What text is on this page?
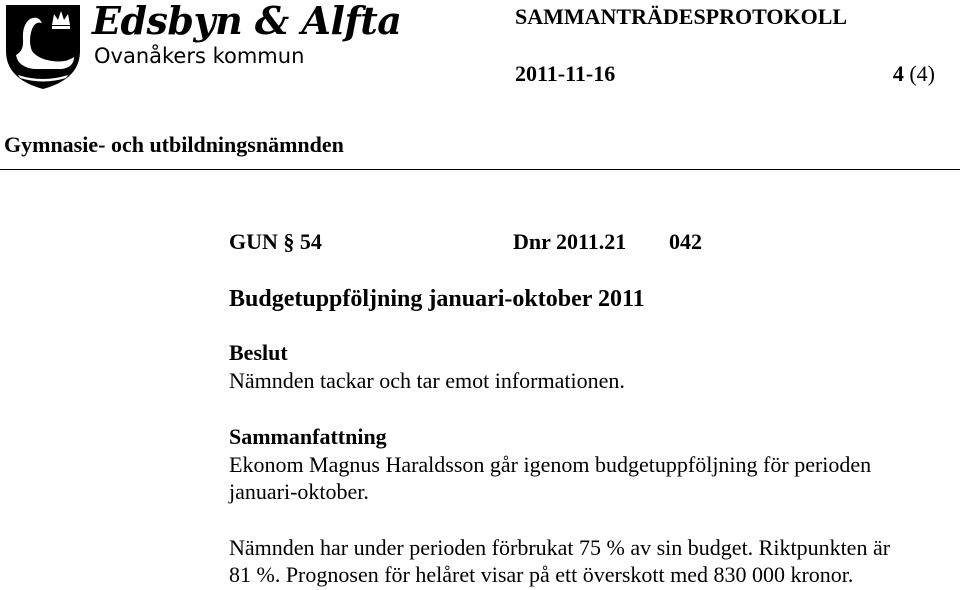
Edsbyn & Alfta
Ovanåkers kommun
SAMMANTRÄDESPROTOKOLL
2011-11-16	4 (4)
Gymnasie- och utbildningsnämnden
GUN § 54	Dnr 2011.21 042
Budgetuppföljning januari-oktober 2011
Beslut
Nämnden tackar och tar emot informationen.
Sammanfattning
Ekonom Magnus Haraldsson går igenom budgetuppföljning för perioden
januari-oktober.
Nämnden har under perioden förbrukat 75 % av sin budget. Riktpunkten är
81 %. Prognosen för helåret visar på ett överskott med 830 000 kronor.
